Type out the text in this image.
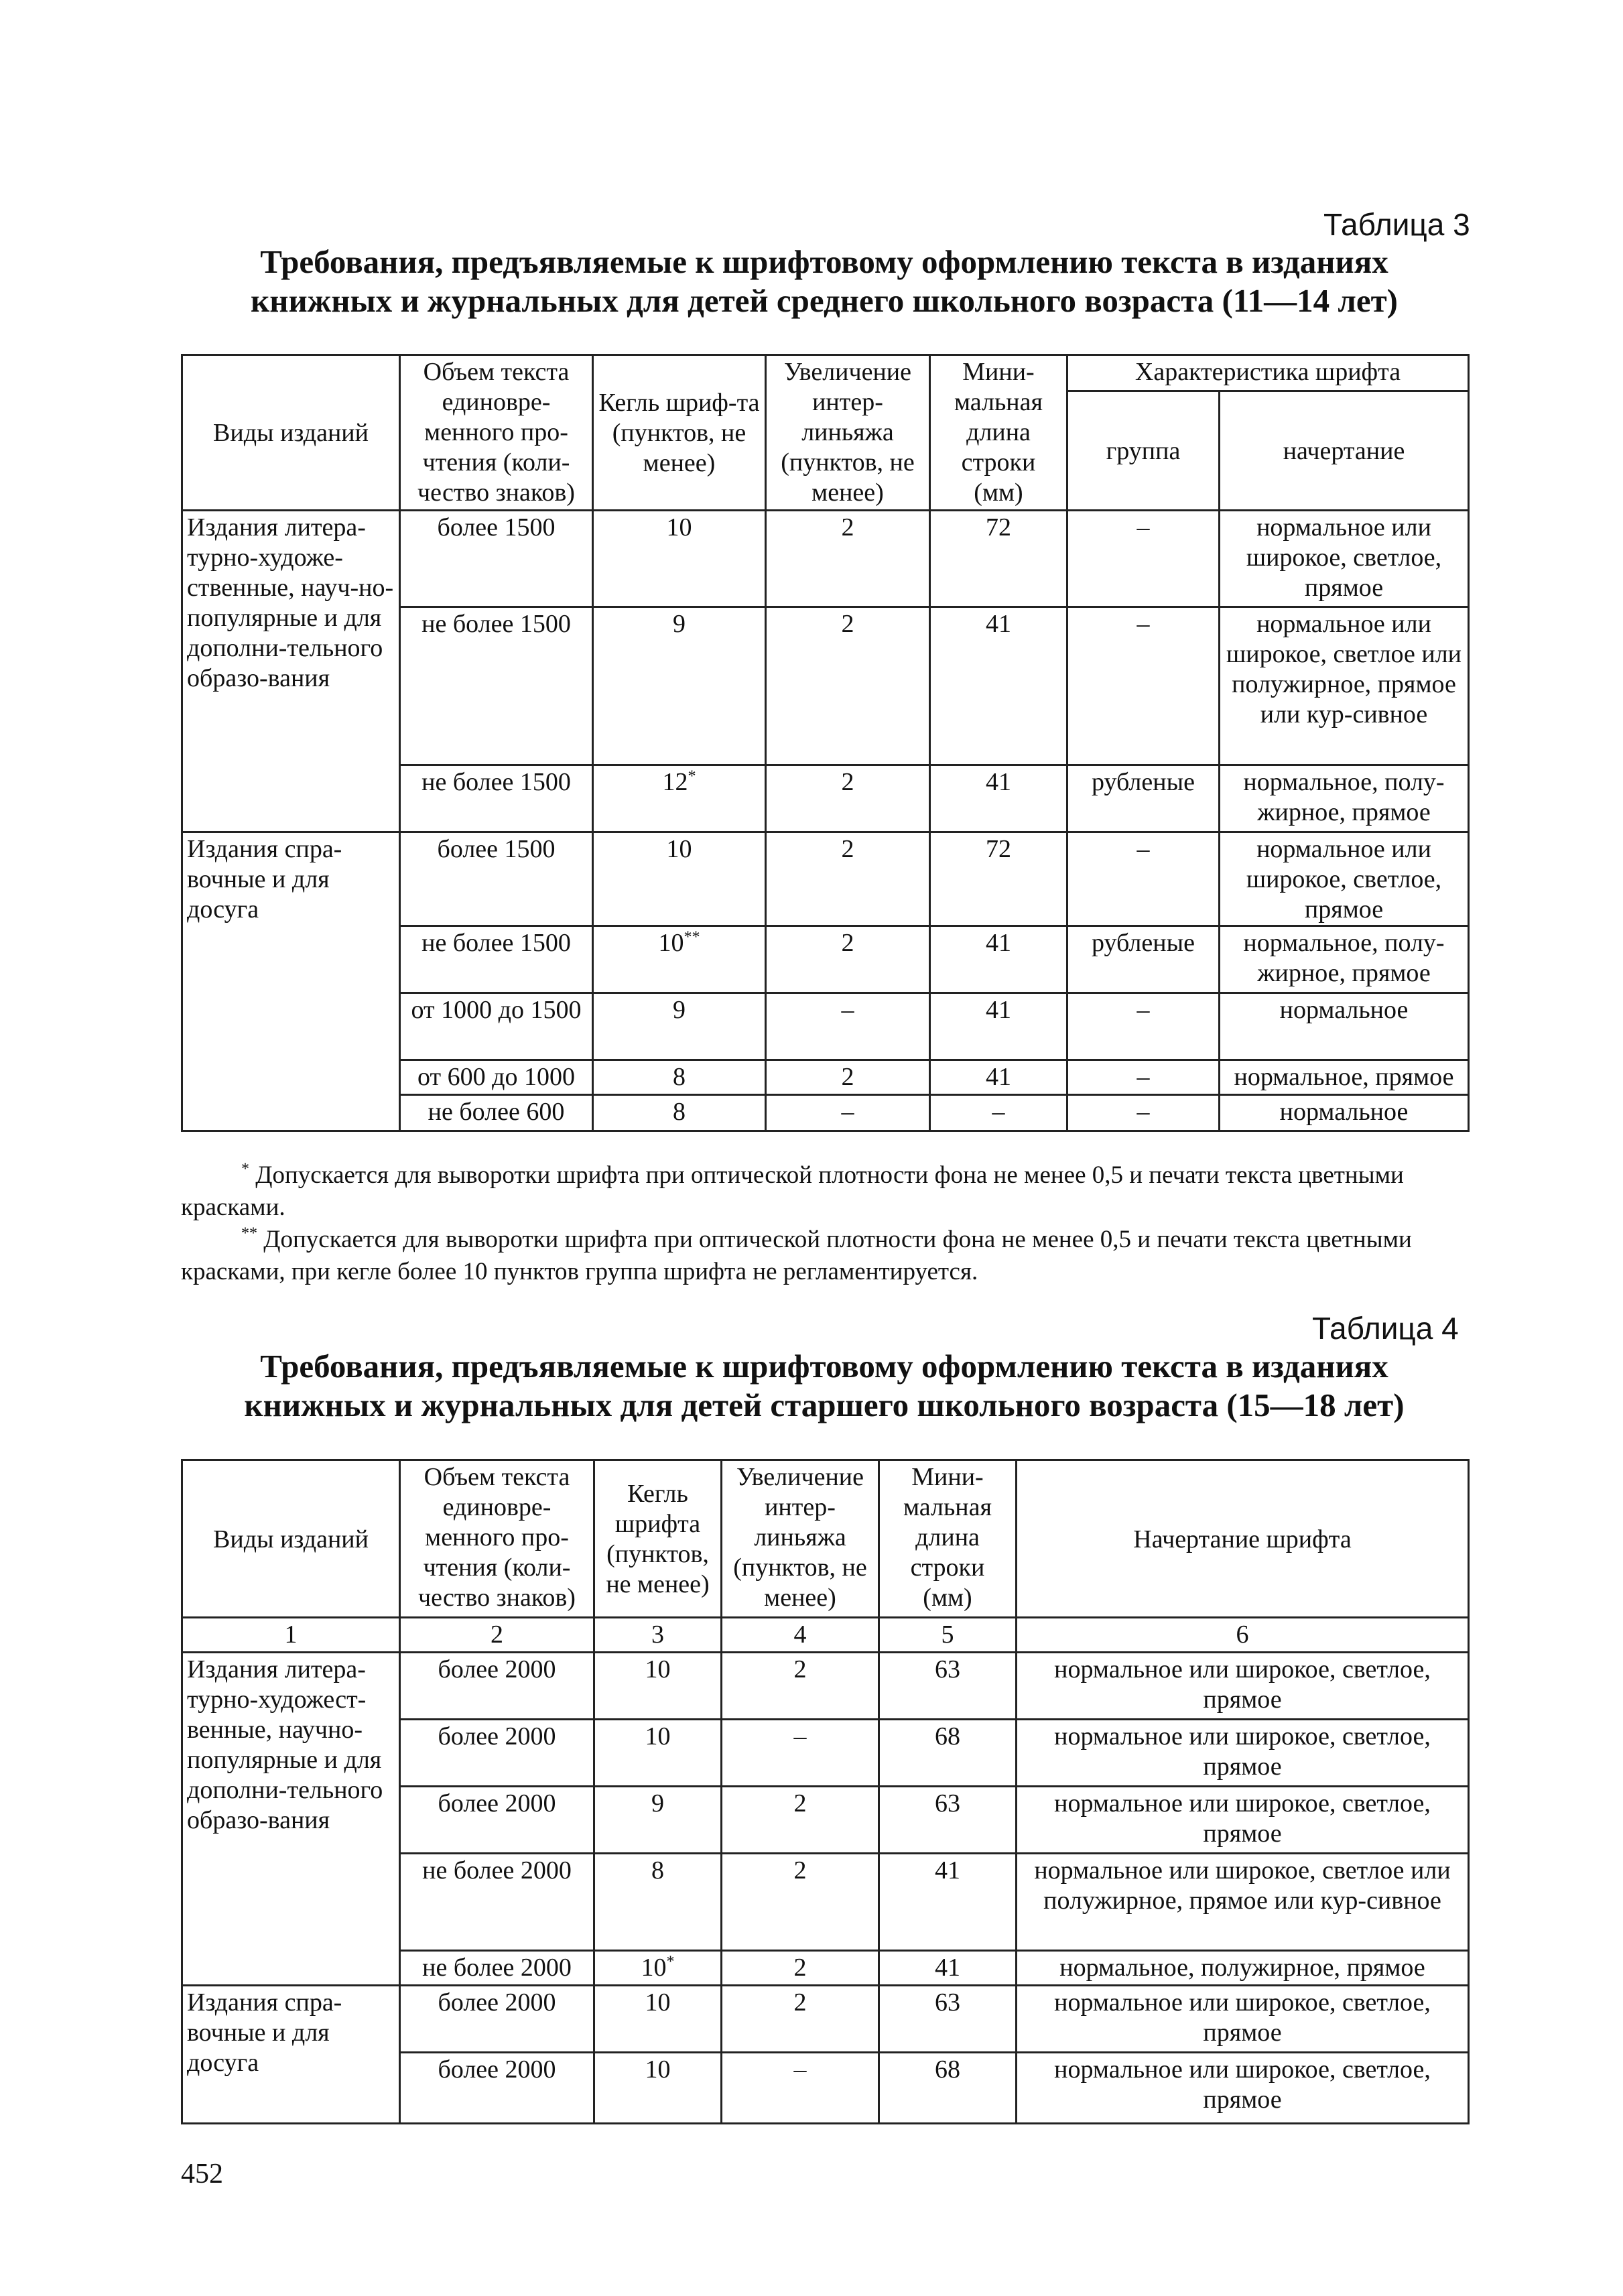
Таблица 3
Требования, предъявляемые к шрифтовому оформлению текста в изданиях
книжных и журнальных для детей среднего школьного возраста (11—14 лет)
Виды изданий	Объем текста единовре-менного про-чтения (коли-чество знаков)	Кегль шриф-та (пунктов, не менее)	Увеличение интер-линьяжа (пунктов, не менее)	Мини-мальная длина строки (мм)	Характеристика шрифта	
					группа	начертание
Издания литера-турно-художе-ственные, науч-но-популярные и для дополни-тельного образо-вания	более 1500	10	2	72	–	нормальное или широкое, светлое, прямое
	не более 1500	9	2	41	–	нормальное или широкое, светлое или полужирное, прямое или кур-сивное
	не более 1500	12*	2	41	рубленые	нормальное, полу-жирное, прямое
Издания спра-вочные и для досуга	более 1500	10	2	72	–	нормальное или широкое, светлое, прямое
	не более 1500	10**	2	41	рубленые	нормальное, полу-жирное, прямое
	от 1000 до 1500	9	–	41	–	нормальное
	от 600 до 1000	8	2	41	–	нормальное, прямое
	не более 600	8	–	–	–	нормальное

* Допускается для выворотки шрифта при оптической плотности фона не менее 0,5 и печати текста цветными красками.

** Допускается для выворотки шрифта при оптической плотности фона не менее 0,5 и печати текста цветными красками, при кегле более 10 пунктов группа шрифта не регламентируется.

Таблица 4
Требования, предъявляемые к шрифтовому оформлению текста в изданиях
книжных и журнальных для детей старшего школьного возраста (15—18 лет)
Виды изданий	Объем текста единовре-менного про-чтения (коли-чество знаков)	Кегль шрифта (пунктов, не менее)	Увеличение интер-линьяжа (пунктов, не менее)	Мини-мальная длина строки (мм)	Начертание шрифта
1	2	3	4	5	6
Издания литера-турно-художест-венные, научно-популярные и для дополни-тельного образо-вания	более 2000	10	2	63	нормальное или широкое, светлое, прямое
	более 2000	10	–	68	нормальное или широкое, светлое, прямое
	более 2000	9	2	63	нормальное или широкое, светлое, прямое
	не более 2000	8	2	41	нормальное или широкое, светлое или полужирное, прямое или кур-сивное
	не более 2000	10*	2	41	нормальное, полужирное, прямое
Издания спра-вочные и для досуга	более 2000	10	2	63	нормальное или широкое, светлое, прямое
	более 2000	10	–	68	нормальное или широкое, светлое, прямое
452
